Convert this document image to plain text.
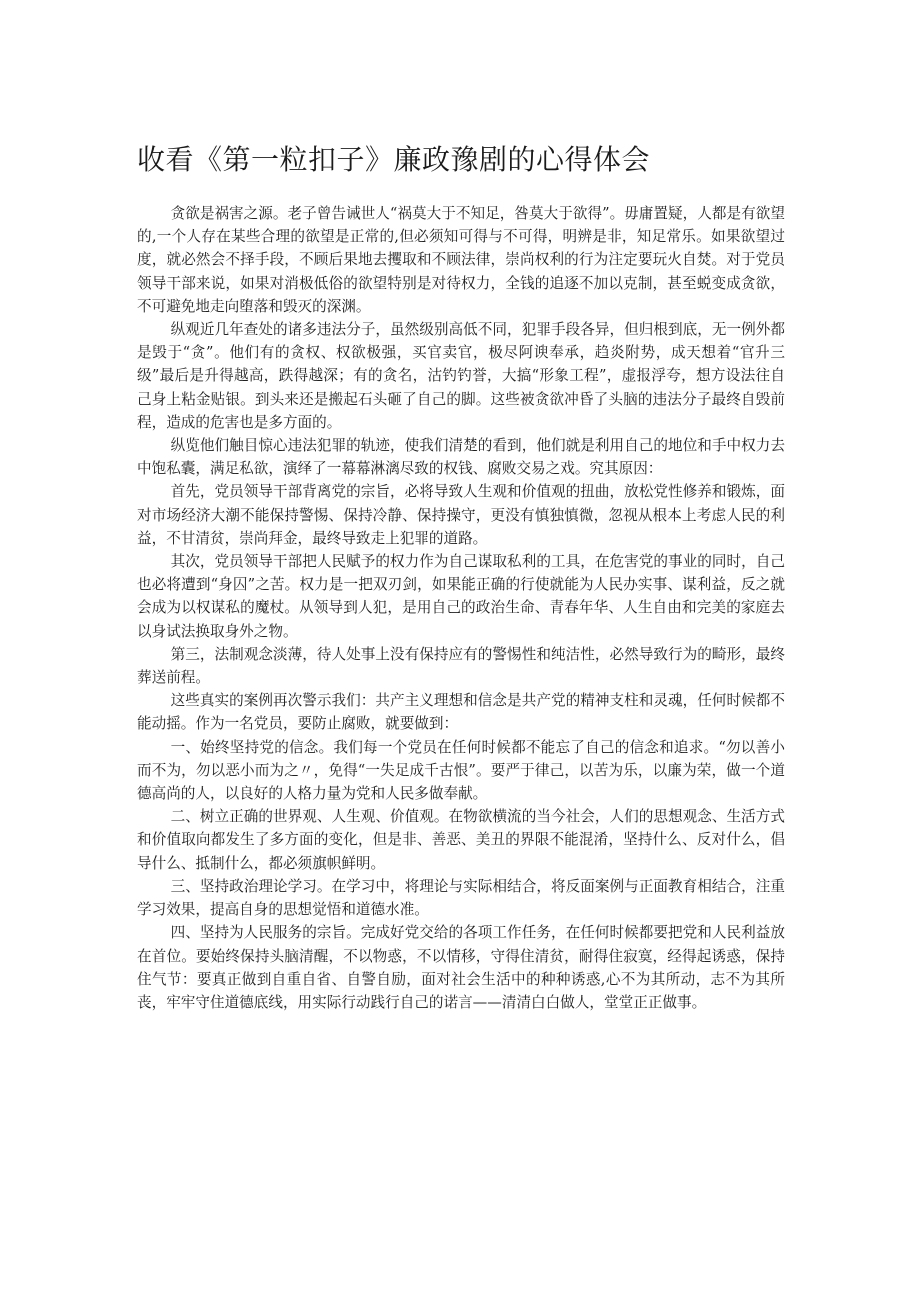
收看《第一粒扣子》廉政豫剧的心得体会

贪欲是祸害之源。老子曾告诫世人“祸莫大于不知足，咎莫大于欲得”。毋庸置疑，人都是有欲望的,一个人存在某些合理的欲望是正常的,但必须知可得与不可得，明辨是非，知足常乐。如果欲望过度，就必然会不择手段，不顾后果地去攫取和不顾法律，崇尚权利的行为注定要玩火自焚。对于党员领导干部来说，如果对消极低俗的欲望特别是对待权力，全钱的追逐不加以克制，甚至蜕变成贪欲，不可避免地走向堕落和毁灭的深渊。

纵观近几年查处的诸多违法分子，虽然级别高低不同，犯罪手段各异，但归根到底，无一例外都是毁于“贪”。他们有的贪权、权欲极强，买官卖官，极尽阿谀奉承，趋炎附势，成天想着“官升三级”最后是升得越高，跌得越深；有的贪名，沽钓钓誉，大搞“形象工程”，虚报浮夸，想方设法往自己身上粘金贴银。到头来还是搬起石头砸了自己的脚。这些被贪欲冲昏了头脑的违法分子最终自毁前程，造成的危害也是多方面的。

纵览他们触目惊心违法犯罪的轨迹，使我们清楚的看到，他们就是利用自己的地位和手中权力去中饱私囊，满足私欲，演绎了一幕幕淋漓尽致的权钱、腐败交易之戏。究其原因：

首先，党员领导干部背离党的宗旨，必将导致人生观和价值观的扭曲，放松党性修养和锻炼，面对市场经济大潮不能保持警惕、保持冷静、保持操守，更没有慎独慎微，忽视从根本上考虑人民的利益，不甘清贫，崇尚拜金，最终导致走上犯罪的道路。

其次，党员领导干部把人民赋予的权力作为自己谋取私利的工具，在危害党的事业的同时，自己也必将遭到“身囚”之苦。权力是一把双刃剑，如果能正确的行使就能为人民办实事、谋利益，反之就会成为以权谋私的魔杖。从领导到人犯，是用自己的政治生命、青春年华、人生自由和完美的家庭去以身试法换取身外之物。

第三，法制观念淡薄，待人处事上没有保持应有的警惕性和纯洁性，必然导致行为的畸形，最终葬送前程。

这些真实的案例再次警示我们：共产主义理想和信念是共产党的精神支柱和灵魂，任何时候都不能动摇。作为一名党员，要防止腐败，就要做到：

一、始终坚持党的信念。我们每一个党员在任何时候都不能忘了自己的信念和追求。“勿以善小而不为，勿以恶小而为之〃，免得“一失足成千古恨”。要严于律己，以苦为乐，以廉为荣，做一个道德高尚的人，以良好的人格力量为党和人民多做奉献。

二、树立正确的世界观、人生观、价值观。在物欲横流的当今社会，人们的思想观念、生活方式和价值取向都发生了多方面的变化，但是非、善恶、美丑的界限不能混淆，坚持什么、反对什么，倡导什么、抵制什么，都必须旗帜鲜明。

三、坚持政治理论学习。在学习中，将理论与实际相结合，将反面案例与正面教育相结合，注重学习效果，提高自身的思想觉悟和道德水准。

四、坚持为人民服务的宗旨。完成好党交给的各项工作任务，在任何时候都要把党和人民利益放在首位。要始终保持头脑清醒，不以物惑，不以情移，守得住清贫，耐得住寂寞，经得起诱惑，保持住气节：要真正做到自重自省、自警自励，面对社会生活中的种种诱惑,心不为其所动，志不为其所丧，牢牢守住道德底线，用实际行动践行自己的诺言——清清白白做人，堂堂正正做事。
